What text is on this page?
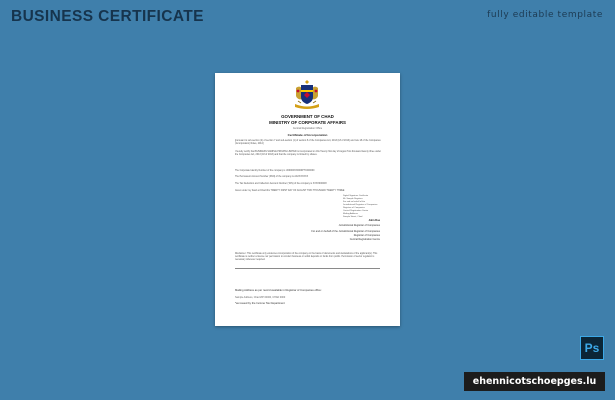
BUSINESS CERTIFICATE	fully editable template
GOVERNMENT OF CHAD
MINISTRY OF CORPORATE AFFAIRS
Central Registration Office
Certificate of Incorporation
[pursuant to sub-section (2) of section 7 and sub-section (1) of section 8 of the Companies Act, 2013 (18 of 2013) and rule 18 of the Companies (Incorporation) Rules, 2014]
I hereby certify that BUSINESS SAMPLE PRIVATE LIMITED is incorporated on this Twenty first day of August Two thousand twenty three under the Companies Act, 2013 (18 of 2013) and that the company is limited by shares.
The Corporate Identity Number of the company is U00000XX0000PTC000000
The Permanent Account Number (PAN) of the company is AAXXXXXXX
The Tax Deduction and Collection Account Number (TAN) of the company is XXXX00000X
Given under my hand at Chad this TWENTY FIRST DAY OF AUGUST TWO THOUSAND TWENTY THREE
Digital Signature Certificate
Mr. Sample Registrar
For and on behalf of the
Jurisdictional Registrar of Companies
Registrar of Companies
Central Registration Centre
Mailing Address:
Sample Street, Chad
John Doe
Jurisdictional Registrar of Companies
For and on behalf of the Jurisdictional Registrar of Companies
Registrar of Companies
Central Registration Centre
Disclaimer: This certificate only evidences incorporation of the company on the basis of documents and declarations of the applicant(s). This certificate is neither a license nor permission to conduct business or solicit deposits or funds from public. Permission of sector regulator is necessary wherever required.
Mailing Address as per record available in Registrar of Companies office:
Sample Address, Chad ZIP 00000, CHAD 0000
*as issued by the Income Tax Department
Ps
ehennicotschoepges.lu
